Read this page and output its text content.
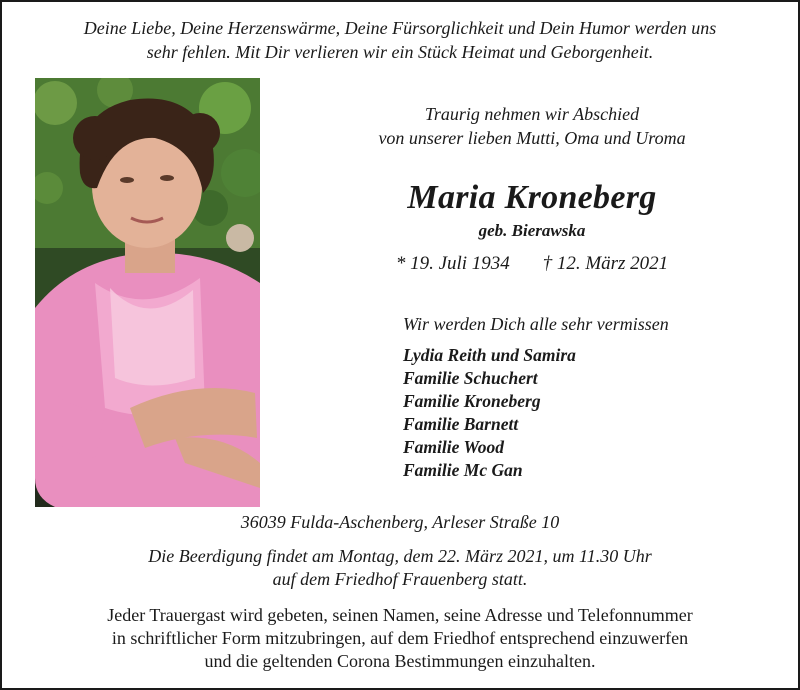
Deine Liebe, Deine Herzenswärme, Deine Fürsorglichkeit und Dein Humor werden uns
sehr fehlen. Mit Dir verlieren wir ein Stück Heimat und Geborgenheit.
Traurig nehmen wir Abschied
von unserer lieben Mutti, Oma und Uroma
Maria Kroneberg
geb. Bierawska
* 19. Juli 1934 † 12. März 2021
Wir werden Dich alle sehr vermissen
Lydia Reith und Samira
Familie Schuchert
Familie Kroneberg
Familie Barnett
Familie Wood
Familie Mc Gan
36039 Fulda-Aschenberg, Arleser Straße 10
Die Beerdigung findet am Montag, dem 22. März 2021, um 11.30 Uhr
auf dem Friedhof Frauenberg statt.
Jeder Trauergast wird gebeten, seinen Namen, seine Adresse und Telefonnummer
in schriftlicher Form mitzubringen, auf dem Friedhof entsprechend einzuwerfen
und die geltenden Corona Bestimmungen einzuhalten.
